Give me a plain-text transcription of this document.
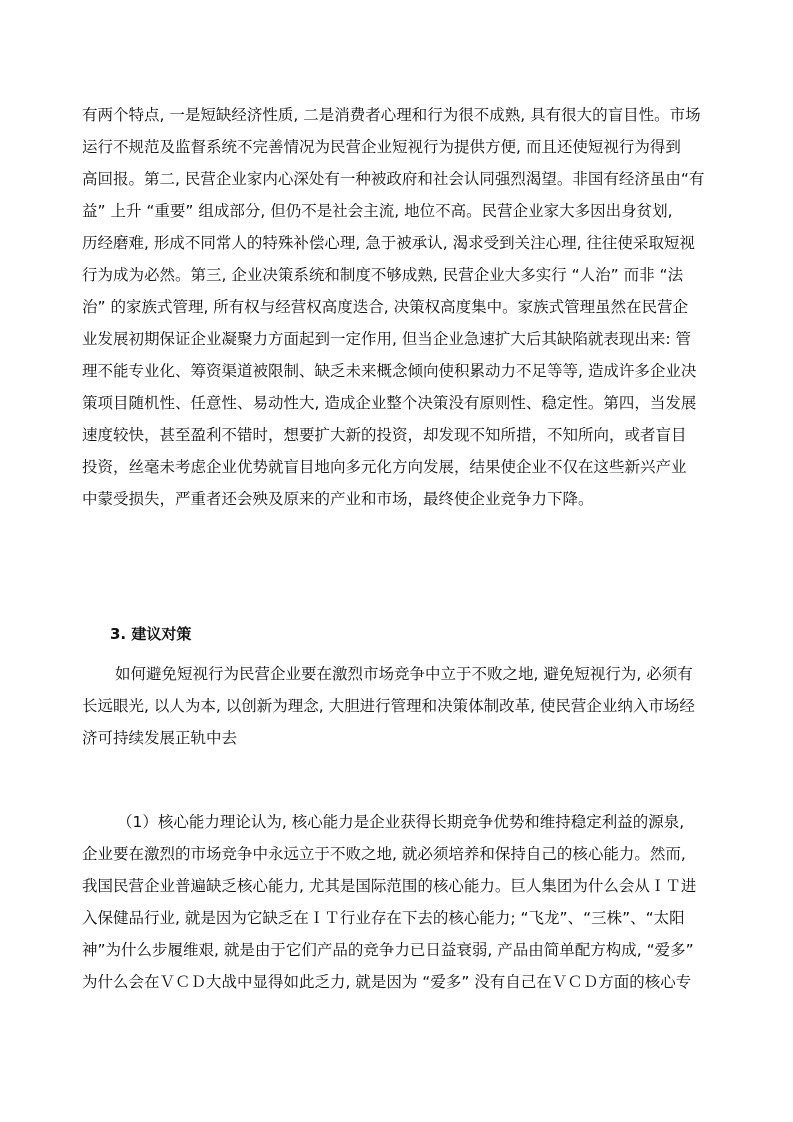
有两个特点, 一是短缺经济性质, 二是消费者心理和行为很不成熟, 具有很大的盲目性。市场
运行不规范及监督系统不完善情况为民营企业短视行为提供方便, 而且还使短视行为得到
高回报。第二, 民营企业家内心深处有一种被政府和社会认同强烈渴望。非国有经济虽由“有
益” 上升 “重要” 组成部分, 但仍不是社会主流, 地位不高。民营企业家大多因出身贫划,
历经磨难, 形成不同常人的特殊补偿心理, 急于被承认, 渴求受到关注心理, 往往使采取短视
行为成为必然。第三, 企业决策系统和制度不够成熟, 民营企业大多实行 “人治” 而非 “法
治” 的家族式管理, 所有权与经营权高度迭合, 决策权高度集中。家族式管理虽然在民营企
业发展初期保证企业凝聚力方面起到一定作用, 但当企业急速扩大后其缺陷就表现出来: 管
理不能专业化、筹资渠道被限制、缺乏未来概念倾向使积累动力不足等等, 造成许多企业决
策项目随机性、任意性、易动性大, 造成企业整个决策没有原则性、稳定性。第四，当发展
速度较快，甚至盈利不错时，想要扩大新的投资，却发现不知所措，不知所向，或者盲目
投资，丝毫未考虑企业优势就盲目地向多元化方向发展，结果使企业不仅在这些新兴产业
中蒙受损失，严重者还会殃及原来的产业和市场，最终使企业竞争力下降。
3. 建议对策
如何避免短视行为民营企业要在激烈市场竞争中立于不败之地, 避免短视行为, 必须有
长远眼光, 以人为本, 以创新为理念, 大胆进行管理和决策体制改革, 使民营企业纳入市场经
济可持续发展正轨中去
（1）核心能力理论认为, 核心能力是企业获得长期竞争优势和维持稳定利益的源泉,
企业要在激烈的市场竞争中永远立于不败之地, 就必须培养和保持自己的核心能力。然而,
我国民营企业普遍缺乏核心能力, 尤其是国际范围的核心能力。巨人集团为什么会从ＩＴ进
入保健品行业, 就是因为它缺乏在ＩＴ行业存在下去的核心能力; “飞龙”、“三株”、“太阳
神”为什么步履维艰, 就是由于它们产品的竞争力已日益衰弱, 产品由简单配方构成, “爱多”
为什么会在ＶＣＤ大战中显得如此乏力, 就是因为 “爱多” 没有自己在ＶＣＤ方面的核心专
